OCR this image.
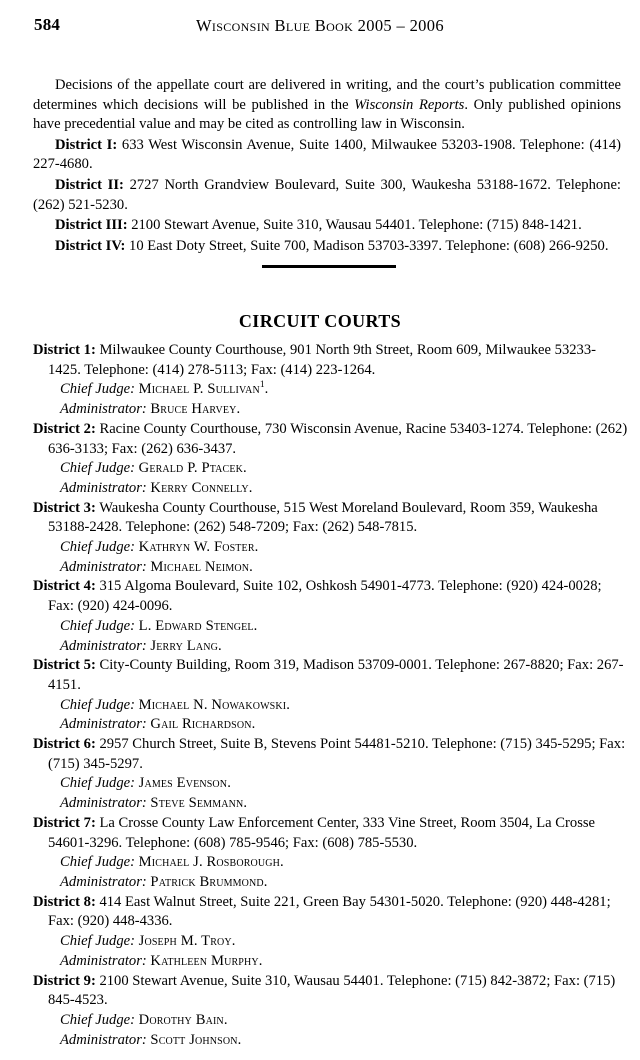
584	Wisconsin Blue Book 2005 – 2006

Decisions of the appellate court are delivered in writing, and the court’s publication committee determines which decisions will be published in the Wisconsin Reports. Only published opinions have precedential value and may be cited as controlling law in Wisconsin.

District I: 633 West Wisconsin Avenue, Suite 1400, Milwaukee 53203-1908. Telephone: (414) 227-4680.

District II: 2727 North Grandview Boulevard, Suite 300, Waukesha 53188-1672. Telephone: (262) 521-5230.

District III: 2100 Stewart Avenue, Suite 310, Wausau 54401. Telephone: (715) 848-1421.

District IV: 10 East Doty Street, Suite 700, Madison 53703-3397. Telephone: (608) 266-9250.

CIRCUIT COURTS

District 1: Milwaukee County Courthouse, 901 North 9th Street, Room 609, Milwaukee 53233-1425. Telephone: (414) 278-5113; Fax: (414) 223-1264.

Chief Judge: Michael P. Sullivan$^1$.

Administrator: Bruce Harvey.

District 2: Racine County Courthouse, 730 Wisconsin Avenue, Racine 53403-1274. Telephone: (262) 636-3133; Fax: (262) 636-3437.

Chief Judge: Gerald P. Ptacek.

Administrator: Kerry Connelly.

District 3: Waukesha County Courthouse, 515 West Moreland Boulevard, Room 359, Waukesha 53188-2428. Telephone: (262) 548-7209; Fax: (262) 548-7815.

Chief Judge: Kathryn W. Foster.

Administrator: Michael Neimon.

District 4: 315 Algoma Boulevard, Suite 102, Oshkosh 54901-4773. Telephone: (920) 424-0028; Fax: (920) 424-0096.

Chief Judge: L. Edward Stengel.

Administrator: Jerry Lang.

District 5: City-County Building, Room 319, Madison 53709-0001. Telephone: 267-8820; Fax: 267-4151.

Chief Judge: Michael N. Nowakowski.

Administrator: Gail Richardson.

District 6: 2957 Church Street, Suite B, Stevens Point 54481-5210. Telephone: (715) 345-5295; Fax: (715) 345-5297.

Chief Judge: James Evenson.

Administrator: Steve Semmann.

District 7: La Crosse County Law Enforcement Center, 333 Vine Street, Room 3504, La Crosse 54601-3296. Telephone: (608) 785-9546; Fax: (608) 785-5530.

Chief Judge: Michael J. Rosborough.

Administrator: Patrick Brummond.

District 8: 414 East Walnut Street, Suite 221, Green Bay 54301-5020. Telephone: (920) 448-4281; Fax: (920) 448-4336.

Chief Judge: Joseph M. Troy.

Administrator: Kathleen Murphy.

District 9: 2100 Stewart Avenue, Suite 310, Wausau 54401. Telephone: (715) 842-3872; Fax: (715) 845-4523.

Chief Judge: Dorothy Bain.

Administrator: Scott Johnson.
